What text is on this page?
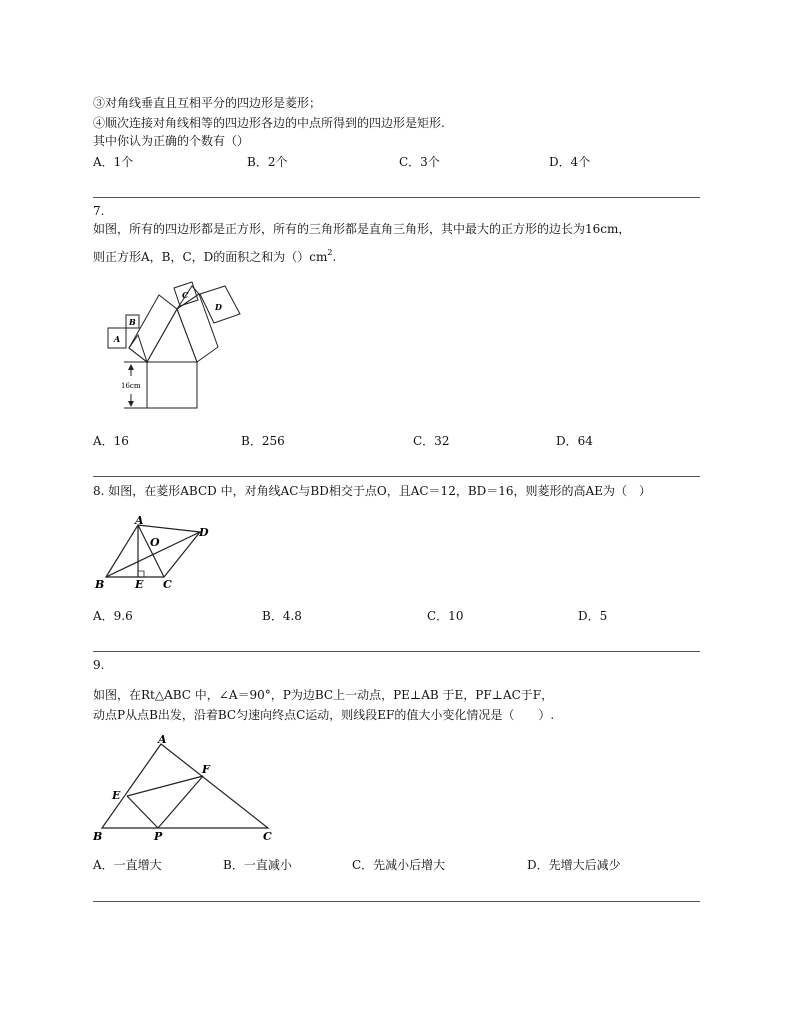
③对角线垂直且互相平分的四边形是菱形；
④顺次连接对角线相等的四边形各边的中点所得到的四边形是矩形.
其中你认为正确的个数有（）
A．1个	B．2个	C．3个	D．4个
7.
如图，所有的四边形都是正方形，所有的三角形都是直角三角形，其中最大的正方形的边长为16cm，
则正方形A，B，C，D的面积之和为$()cm^2$.
A
B
C
D
16cm
A．16	B．256	C．32	D．64
8. 如图，在菱形ABCD 中，对角线AC与BD相交于点O，且AC＝12，BD＝16，则菱形的高AE为（　）
A
B	C
D
E
O
A．9.6	B．4.8	C．10	D．5
9.
如图，在Rt△ABC 中，∠A＝90°，P为边BC上一动点，PE⊥AB 于E，PF⊥AC于F，
动点P从点B出发，沿着BC匀速向终点C运动，则线段EF的值大小变化情况是（　　）.
A
B	C
E
F
P
A．一直增大	B．一直减小	C．先减小后增大	D．先增大后减少
